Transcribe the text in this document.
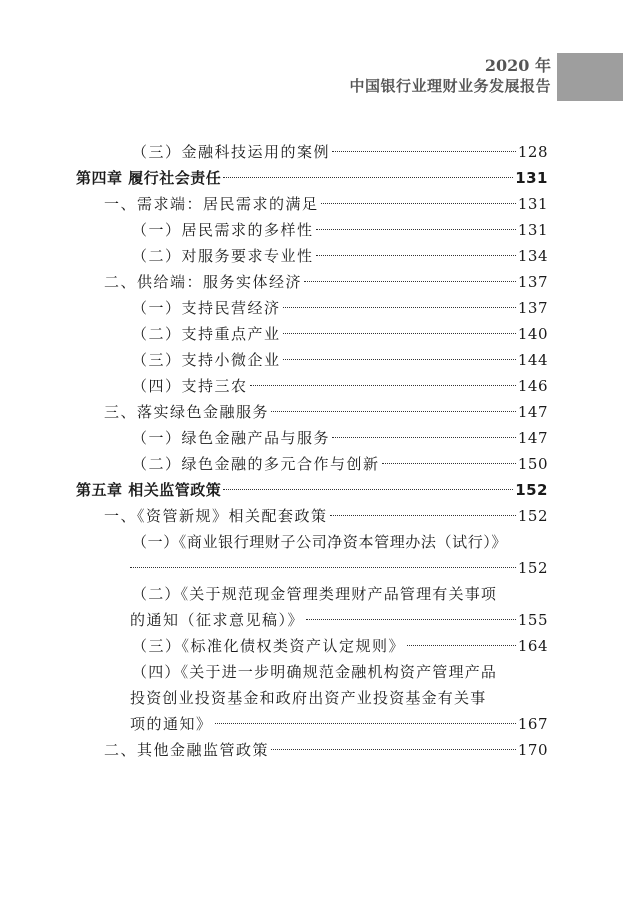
2020 年
中国银行业理财业务发展报告
（三）金融科技运用的案例	128
第四章 履行社会责任	131
一、需求端：居民需求的满足	131
（一）居民需求的多样性	131
（二）对服务要求专业性	134
二、供给端：服务实体经济	137
（一）支持民营经济	137
（二）支持重点产业	140
（三）支持小微企业	144
（四）支持三农	146
三、落实绿色金融服务	147
（一）绿色金融产品与服务	147
（二）绿色金融的多元合作与创新	150
第五章 相关监管政策	152
一、《资管新规》相关配套政策	152
（一）《商业银行理财子公司净资本管理办法（试行）》
152
（二）《关于规范现金管理类理财产品管理有关事项
的通知（征求意见稿）》	155
（三）《标准化债权类资产认定规则》	164
（四）《关于进一步明确规范金融机构资产管理产品
投资创业投资基金和政府出资产业投资基金有关事
项的通知》	167
二、其他金融监管政策	170
